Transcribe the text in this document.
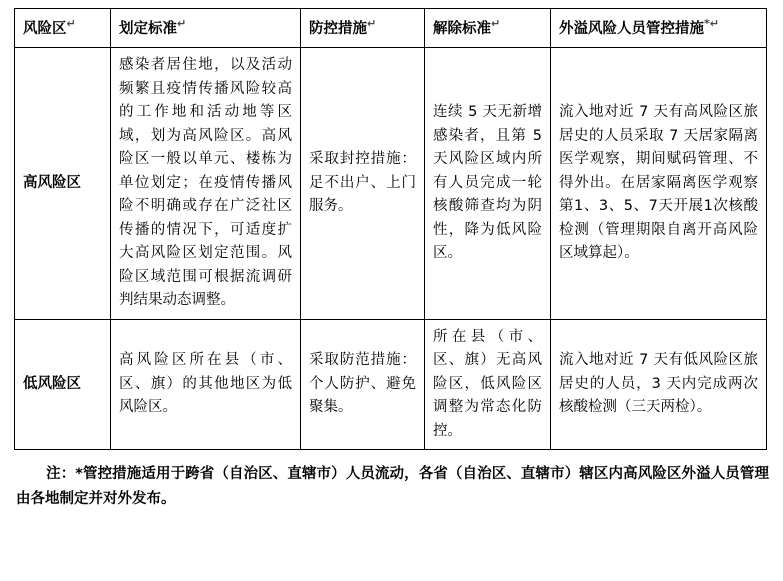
风险区↵	划定标准↵	防控措施↵	解除标准↵	外溢风险人员管控措施*↵
高风险区	感染者居住地，以及活动频繁且疫情传播风险较高的工作地和活动地等区域，划为高风险区。高风险区一般以单元、楼栋为单位划定；在疫情传播风险不明确或存在广泛社区传播的情况下，可适度扩大高风险区划定范围。风险区域范围可根据流调研判结果动态调整。	采取封控措施：足不出户、上门服务。	连续 5 天无新增感染者，且第 5 天风险区域内所有人员完成一轮核酸筛查均为阴性，降为低风险区。	流入地对近 7 天有高风险区旅居史的人员采取 7 天居家隔离医学观察，期间赋码管理、不得外出。在居家隔离医学观察第1、3、5、7天开展1次核酸检测（管理期限自离开高风险区域算起）。
低风险区	高风险区所在县（市、区、旗）的其他地区为低风险区。	采取防范措施：个人防护、避免聚集。	所在县（市、区、旗）无高风险区，低风险区调整为常态化防控。	流入地对近 7 天有低风险区旅居史的人员，3 天内完成两次核酸检测（三天两检）。
注：*管控措施适用于跨省（自治区、直辖市）人员流动，各省（自治区、直辖市）辖区内高风险区外溢人员管理由各地制定并对外发布。
